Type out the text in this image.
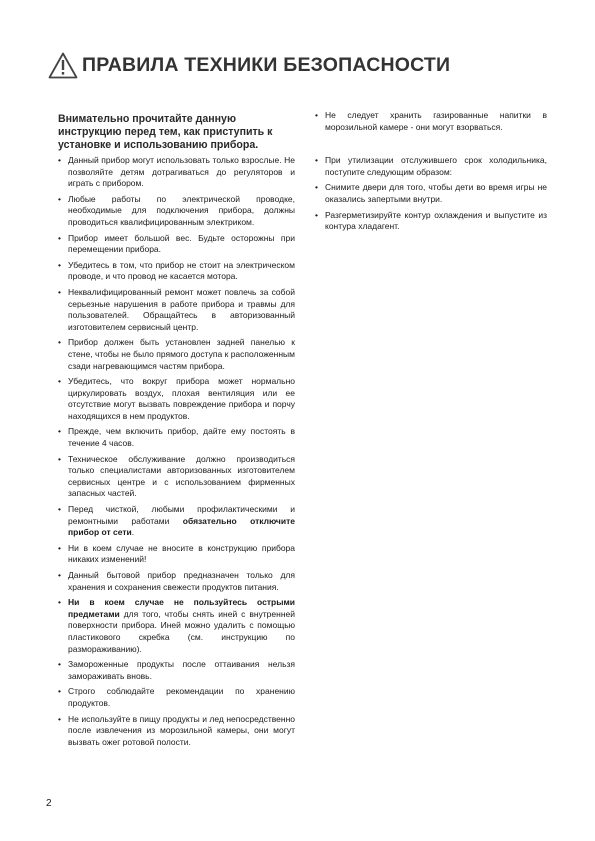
ПРАВИЛА ТЕХНИКИ БЕЗОПАСНОСТИ

Внимательно прочитайте данную инструкцию перед тем, как приступить к установке и использованию прибора.

• Данный прибор могут использовать только взрослые. Не позволяйте детям дотрагиваться до регуляторов и играть с прибором.
• Любые работы по электрической проводке, необходимые для подключения прибора, должны проводиться квалифицированным электриком.
• Прибор имеет большой вес. Будьте осторожны при перемещении прибора.
• Убедитесь в том, что прибор не стоит на электрическом проводе, и что провод не касается мотора.
• Неквалифицированный ремонт может повлечь за собой серьезные нарушения в работе прибора и травмы для пользователей. Обращайтесь в авторизованный изготовителем сервисный центр.
• Прибор должен быть установлен задней панелью к стене, чтобы не было прямого доступа к расположенным сзади нагревающимся частям прибора.
• Убедитесь, что вокруг прибора может нормально циркулировать воздух, плохая вентиляция или ее отсутствие могут вызвать повреждение прибора и порчу находящихся в нем продуктов.
• Прежде, чем включить прибор, дайте ему постоять в течение 4 часов.
• Техническое обслуживание должно производиться только специалистами авторизованных изготовителем сервисных центре и с использованием фирменных запасных частей.
• Перед чисткой, любыми профилактическими и ремонтными работами обязательно отключите прибор от сети.
• Ни в коем случае не вносите в конструкцию прибора никаких изменений!
• Данный бытовой прибор предназначен только для хранения и сохранения свежести продуктов питания.
• Ни в коем случае не пользуйтесь острыми предметами для того, чтобы снять иней с внутренней поверхности прибора. Иней можно удалить с помощью пластикового скребка (см. инструкцию по размораживанию).
• Замороженные продукты после оттаивания нельзя замораживать вновь.
• Строго соблюдайте рекомендации по хранению продуктов.
• Не используйте в пищу продукты и лед непосредственно после извлечения из морозильной камеры, они могут вызвать ожег ротовой полости.
• Не следует хранить газированные напитки в морозильной камере - они могут взорваться.
• При утилизации отслужившего срок холодильника, поступите следующим образом:
• Снимите двери для того, чтобы дети во время игры не оказались запертыми внутри.
• Разгерметизируйте контур охлаждения и выпустите из контура хладагент.
2
